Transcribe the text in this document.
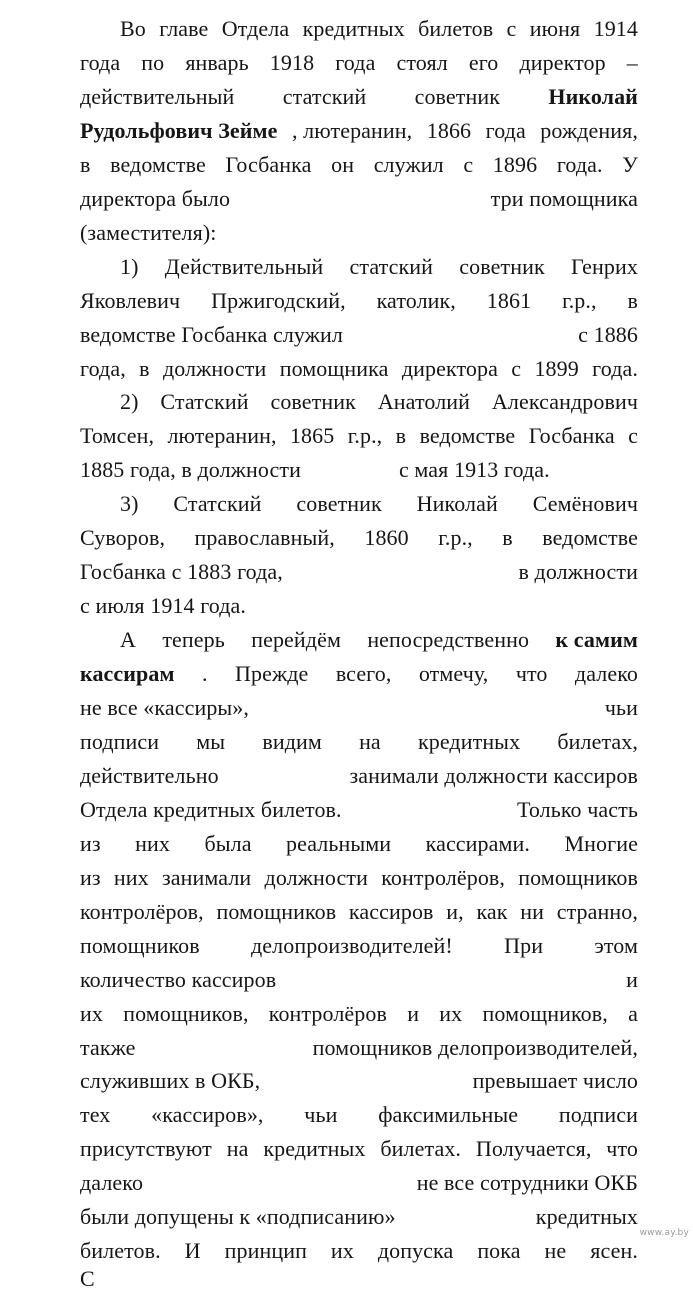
Во главе Отдела кредитных билетов с июня 1914
года по январь 1918 года стоял его директор –
действительный статский советник Николай
Рудольфович Зейме , лютеранин, 1866 года рождения,
в ведомстве Госбанка он служил с 1896 года. У
директора было	три помощника
(заместителя):
1) Действительный статский советник Генрих
Яковлевич Пржигодский, католик, 1861 г.р., в
ведомстве Госбанка служил	с 1886
года, в должности помощника директора с 1899 года.
2) Статский советник Анатолий Александрович
Томсен, лютеранин, 1865 г.р., в ведомстве Госбанка с
1885 года, в должности
	с мая 1913 года.
3) Статский советник Николай Семёнович
Суворов, православный, 1860 г.р., в ведомстве
Госбанка с 1883 года,	в должности
с июля 1914 года.
А теперь перейдём непосредственно к самим
кассирам . Прежде всего, отмечу, что далеко
не все «кассиры»,	чьи
подписи мы видим на кредитных билетах,
действительно	занимали должности кассиров
Отдела кредитных билетов.	Только часть
из них была реальными кассирами. Многие
из них занимали должности контролёров, помощников
контролёров, помощников кассиров и, как ни странно,
помощников делопроизводителей! При этом
количество кассиров	и
их помощников, контролёров и их помощников, а
также	помощников делопроизводителей,
служивших в ОКБ,	превышает число
тех «кассиров», чьи факсимильные подписи
присутствуют на кредитных билетах. Получается, что
далеко	не все сотрудники ОКБ
были допущены к «подписанию»	кредитных
билетов. И принцип их допуска пока не ясен.
С
www.ay.by
